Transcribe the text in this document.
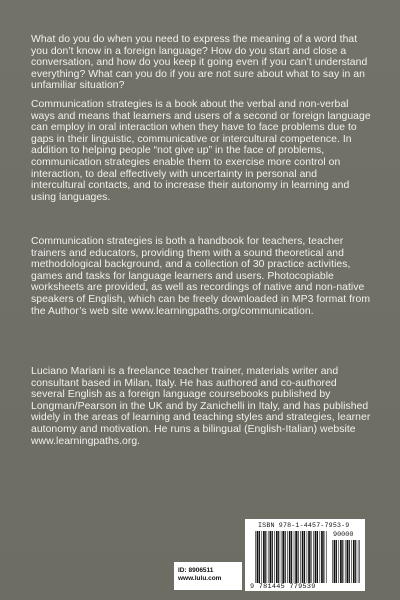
What do you do when you need to express the meaning of a word that you don’t know in a foreign language? How do you start and close a conversation, and how do you keep it going even if you can’t understand everything? What can you do if you are not sure about what to say in an unfamiliar situation?
Communication strategies is a book about the verbal and non-verbal ways and means that learners and users of a second or foreign language can employ in oral interaction when they have to face problems due to gaps in their linguistic, communicative or intercultural competence. In addition to helping people “not give up” in the face of problems, communication strategies enable them to exercise more control on interaction, to deal effectively with uncertainty in personal and intercultural contacts, and to increase their autonomy in learning and using languages.
Communication strategies is both a handbook for teachers, teacher trainers and educators, providing them with a sound theoretical and methodological background, and a collection of 30 practice activities, games and tasks for language learners and users. Photocopiable worksheets are provided, as well as recordings of native and non-native speakers of English, which can be freely downloaded in MP3 format from the Author’s web site www.learningpaths.org/communication.
Luciano Mariani is a freelance teacher trainer, materials writer and consultant based in Milan, Italy. He has authored and co-authored several English as a foreign language coursebooks published by Longman/Pearson in the UK and by Zanichelli in Italy, and has published widely in the areas of learning and teaching styles and strategies, learner autonomy and motivation. He runs a bilingual (English-Italian) website www.learningpaths.org.
ID: 8906511
www.lulu.com
ISBN 978-1-4457-7953-9
90000
9 781445 779539
